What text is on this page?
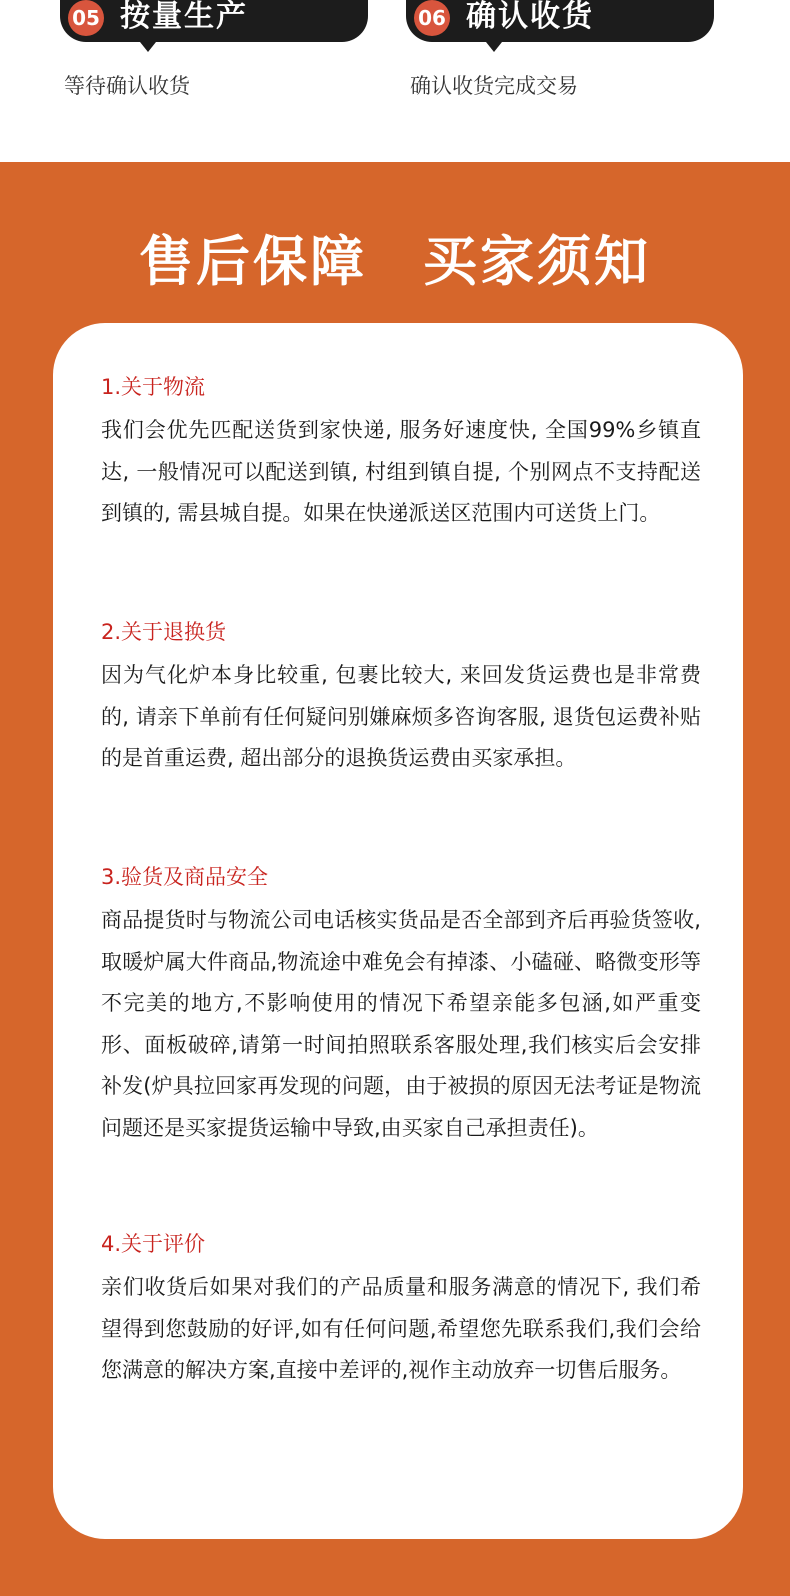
05 按量生产
等待确认收货
06 确认收货
确认收货完成交易
售后保障 买家须知

1.关于物流

我们会优先匹配送货到家快递, 服务好速度快, 全国99%乡镇直达, 一般情况可以配送到镇, 村组到镇自提, 个别网点不支持配送到镇的, 需县城自提。如果在快递派送区范围内可送货上门。

2.关于退换货

因为气化炉本身比较重, 包裹比较大, 来回发货运费也是非常费的, 请亲下单前有任何疑问别嫌麻烦多咨询客服, 退货包运费补贴的是首重运费, 超出部分的退换货运费由买家承担。

3.验货及商品安全

商品提货时与物流公司电话核实货品是否全部到齐后再验货签收,取暖炉属大件商品,物流途中难免会有掉漆、小磕碰、略微变形等不完美的地方,不影响使用的情况下希望亲能多包涵,如严重变形、面板破碎,请第一时间拍照联系客服处理,我们核实后会安排补发(炉具拉回家再发现的问题，由于被损的原因无法考证是物流问题还是买家提货运输中导致,由买家自己承担责任)。

4.关于评价

亲们收货后如果对我们的产品质量和服务满意的情况下, 我们希望得到您鼓励的好评,如有任何问题,希望您先联系我们,我们会给您满意的解决方案,直接中差评的,视作主动放弃一切售后服务。
